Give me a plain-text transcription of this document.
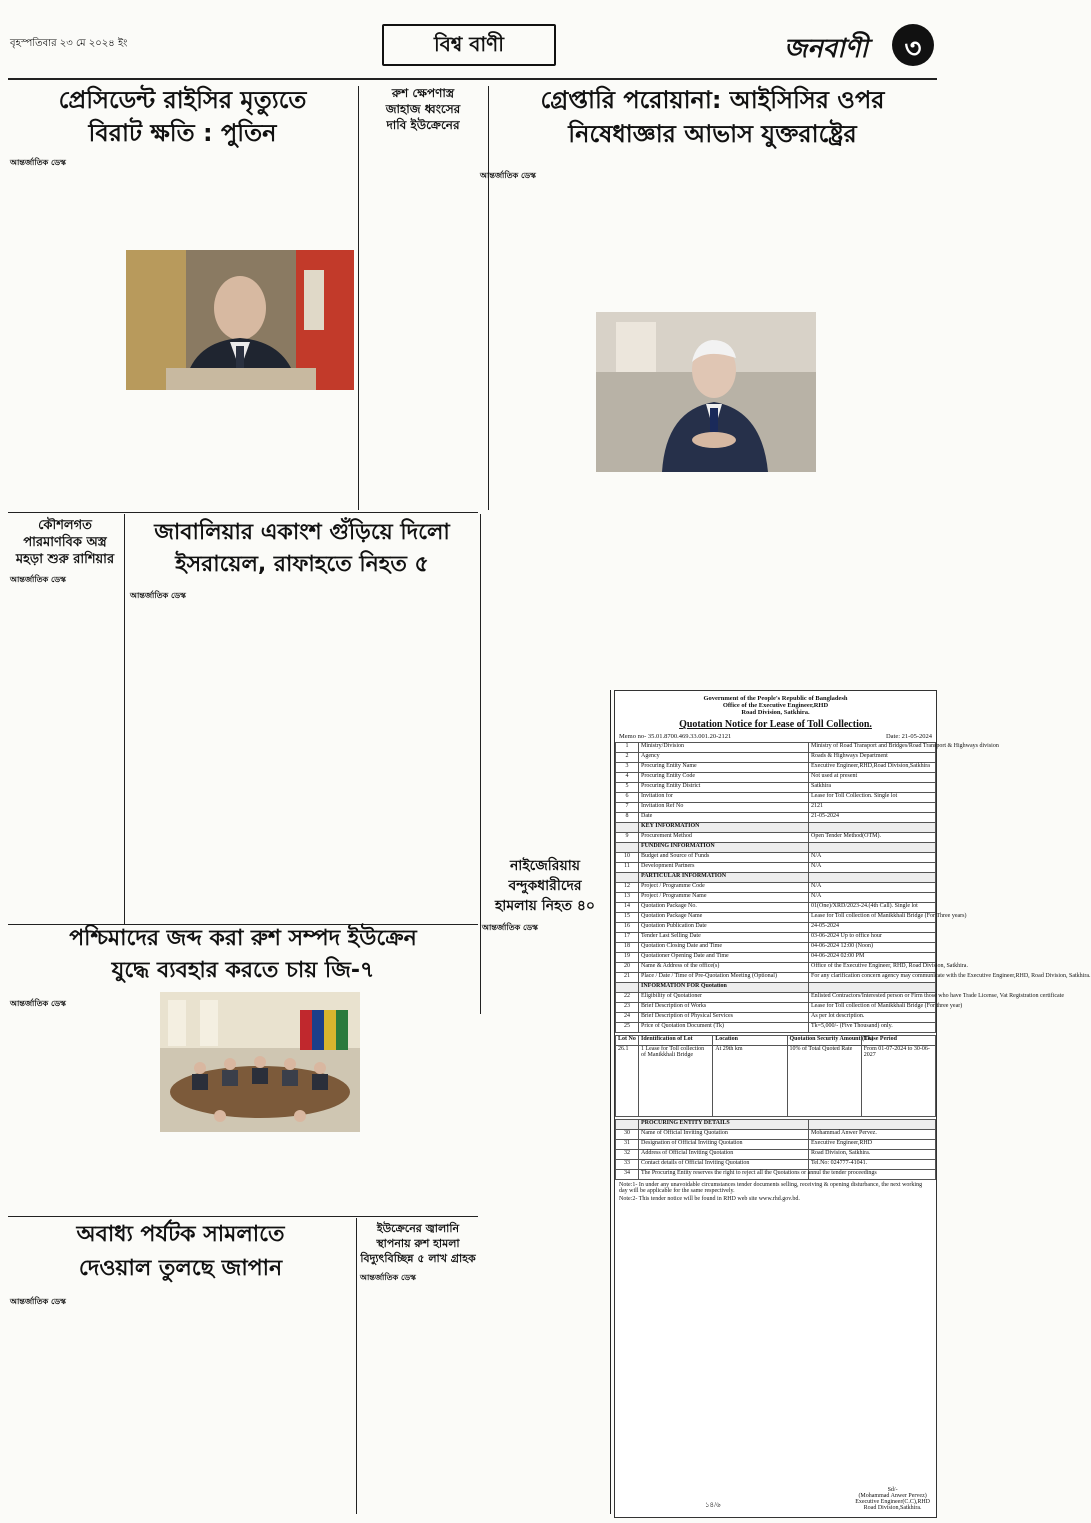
বৃহস্পতিবার ২৩ মে ২০২৪ ইং	বিশ্ব বাণী	জনবাণী	৩
প্রেসিডেন্ট রাইসির মৃত্যুতে
বিরাট ক্ষতি : পুতিন
আন্তর্জাতিক ডেস্ক
রুশ ক্ষেপণাস্ত্র
জাহাজ ধ্বংসের
দাবি ইউক্রেনের
গ্রেপ্তারি পরোয়ানা: আইসিসির ওপর
নিষেধাজ্ঞার আভাস যুক্তরাষ্ট্রের
আন্তর্জাতিক ডেস্ক
কৌশলগত
পারমাণবিক অস্ত্র
মহড়া শুরু রাশিয়ার
আন্তর্জাতিক ডেস্ক
জাবালিয়ার একাংশ গুঁড়িয়ে দিলো
ইসরায়েল, রাফাহতে নিহত ৫
আন্তর্জাতিক ডেস্ক
নাইজেরিয়ায়
বন্দুকধারীদের
হামলায় নিহত ৪০
আন্তর্জাতিক ডেস্ক
পশ্চিমাদের জব্দ করা রুশ সম্পদ ইউক্রেন
যুদ্ধে ব্যবহার করতে চায় জি-৭
আন্তর্জাতিক ডেস্ক
অবাধ্য পর্যটক সামলাতে
দেওয়াল তুলছে জাপান
আন্তর্জাতিক ডেস্ক
ইউক্রেনের জ্বালানি
স্থাপনায় রুশ হামলা
বিদ্যুৎবিচ্ছিন্ন ৫ লাখ গ্রাহক
আন্তর্জাতিক ডেস্ক
Government of the People's Republic of Bangladesh
Office of the Executive Engineer,RHD
Road Division, Satkhira.
Quotation Notice for Lease of Toll Collection.
Memo no- 35.01.8700.469.33.001.20-2121	Date: 21-05-2024
1	Ministry/Division	Ministry of Road Transport and Bridges/Road Transport & Highways division
2	Agency	Roads & Highways Department
3	Procuring Entity Name	Executive Engineer,RHD,Road Division,Satkhira
4	Procuring Entity Code	Not used at present
5	Procuring Entity District	Satkhira
6	Invitation for	Lease for Toll Collection. Single lot
7	Invitation Ref No	2121
8	Date	21-05-2024
	KEY INFORMATION	
9	Procurement Method	Open Tender Method(OTM).
	FUNDING INFORMATION	
10	Budget and Source of Funds	N/A
11	Development Partners	N/A
	PARTICULAR INFORMATION	
12	Project / Programme Code	N/A
13	Project / Programme Name	N/A
14	Quotation Package No.	01(One)/XRD/2023-24.(4th Call). Single lot
15	Quotation Package Name	Lease for Toll collection of Manikkhali Bridge (For Three years)
16	Quotation Publication Date	24-05-2024
17	Tender Last Selling Date	03-06-2024 Up to office hour
18	Quotation Closing Date and Time	04-06-2024 12:00 (Noon)
19	Quotationer Opening Date and Time	04-06-2024 02:00 PM
20	Name & Address of the office(s)	Office of the Executive Engineer, RHD, Road Division, Satkhira.
21	Place / Date / Time of Pre-Quotation Meeting (Optional)	For any clarification concern agency may communicate with the Executive Engineer,RHD, Road Division, Satkhira.
	INFORMATION FOR Quotation	
22	Eligibility of Quotationer	Enlisted Contractors/Interested person or Firm those who have Trade License, Vat Registration certificate
23	Brief Description of Works	Lease for Toll collection of Manikkhali Bridge (For three year)
24	Brief Description of Physical Services	As per lot description.
25	Price of Quotation Document (Tk)	Tk=5,000/- (Five Thousand) only.
Lot No	Identification of Lot	Location	Quotation Security Amount (Tk)	Lease Period
26.1	1 Lease for Toll collection of Manikkhali Bridge	At 29th km	10% of Total Quoted Rate	From 01-07-2024 to 30-06-2027
	PROCURING ENTITY DETAILS	
30	Name of Official Inviting Quotation	Mohammad Anwer Pervez.
31	Designation of Official Inviting Quotation	Executive Engineer,RHD
32	Address of Official Inviting Quotation	Road Division, Satkhira.
33	Contact details of Official Inviting Quotation	Tel.No: 024777-41041.
34	The Procuring Entity reserves the right to reject all the Quotations or annul the tender proceedings	
Note:1- In under any unavoidable circumstances tender documents selling, receiving & opening disturbance, the next working day will be applicable for the same respectively.
Note:2- This tender notice will be found in RHD web site www.rhd.gov.bd.
Sd/-
(Mohammad Anwer Pervez)
Executive Engineer(C.C),RHD
Road Division,Satkhira.
১৪/৬
